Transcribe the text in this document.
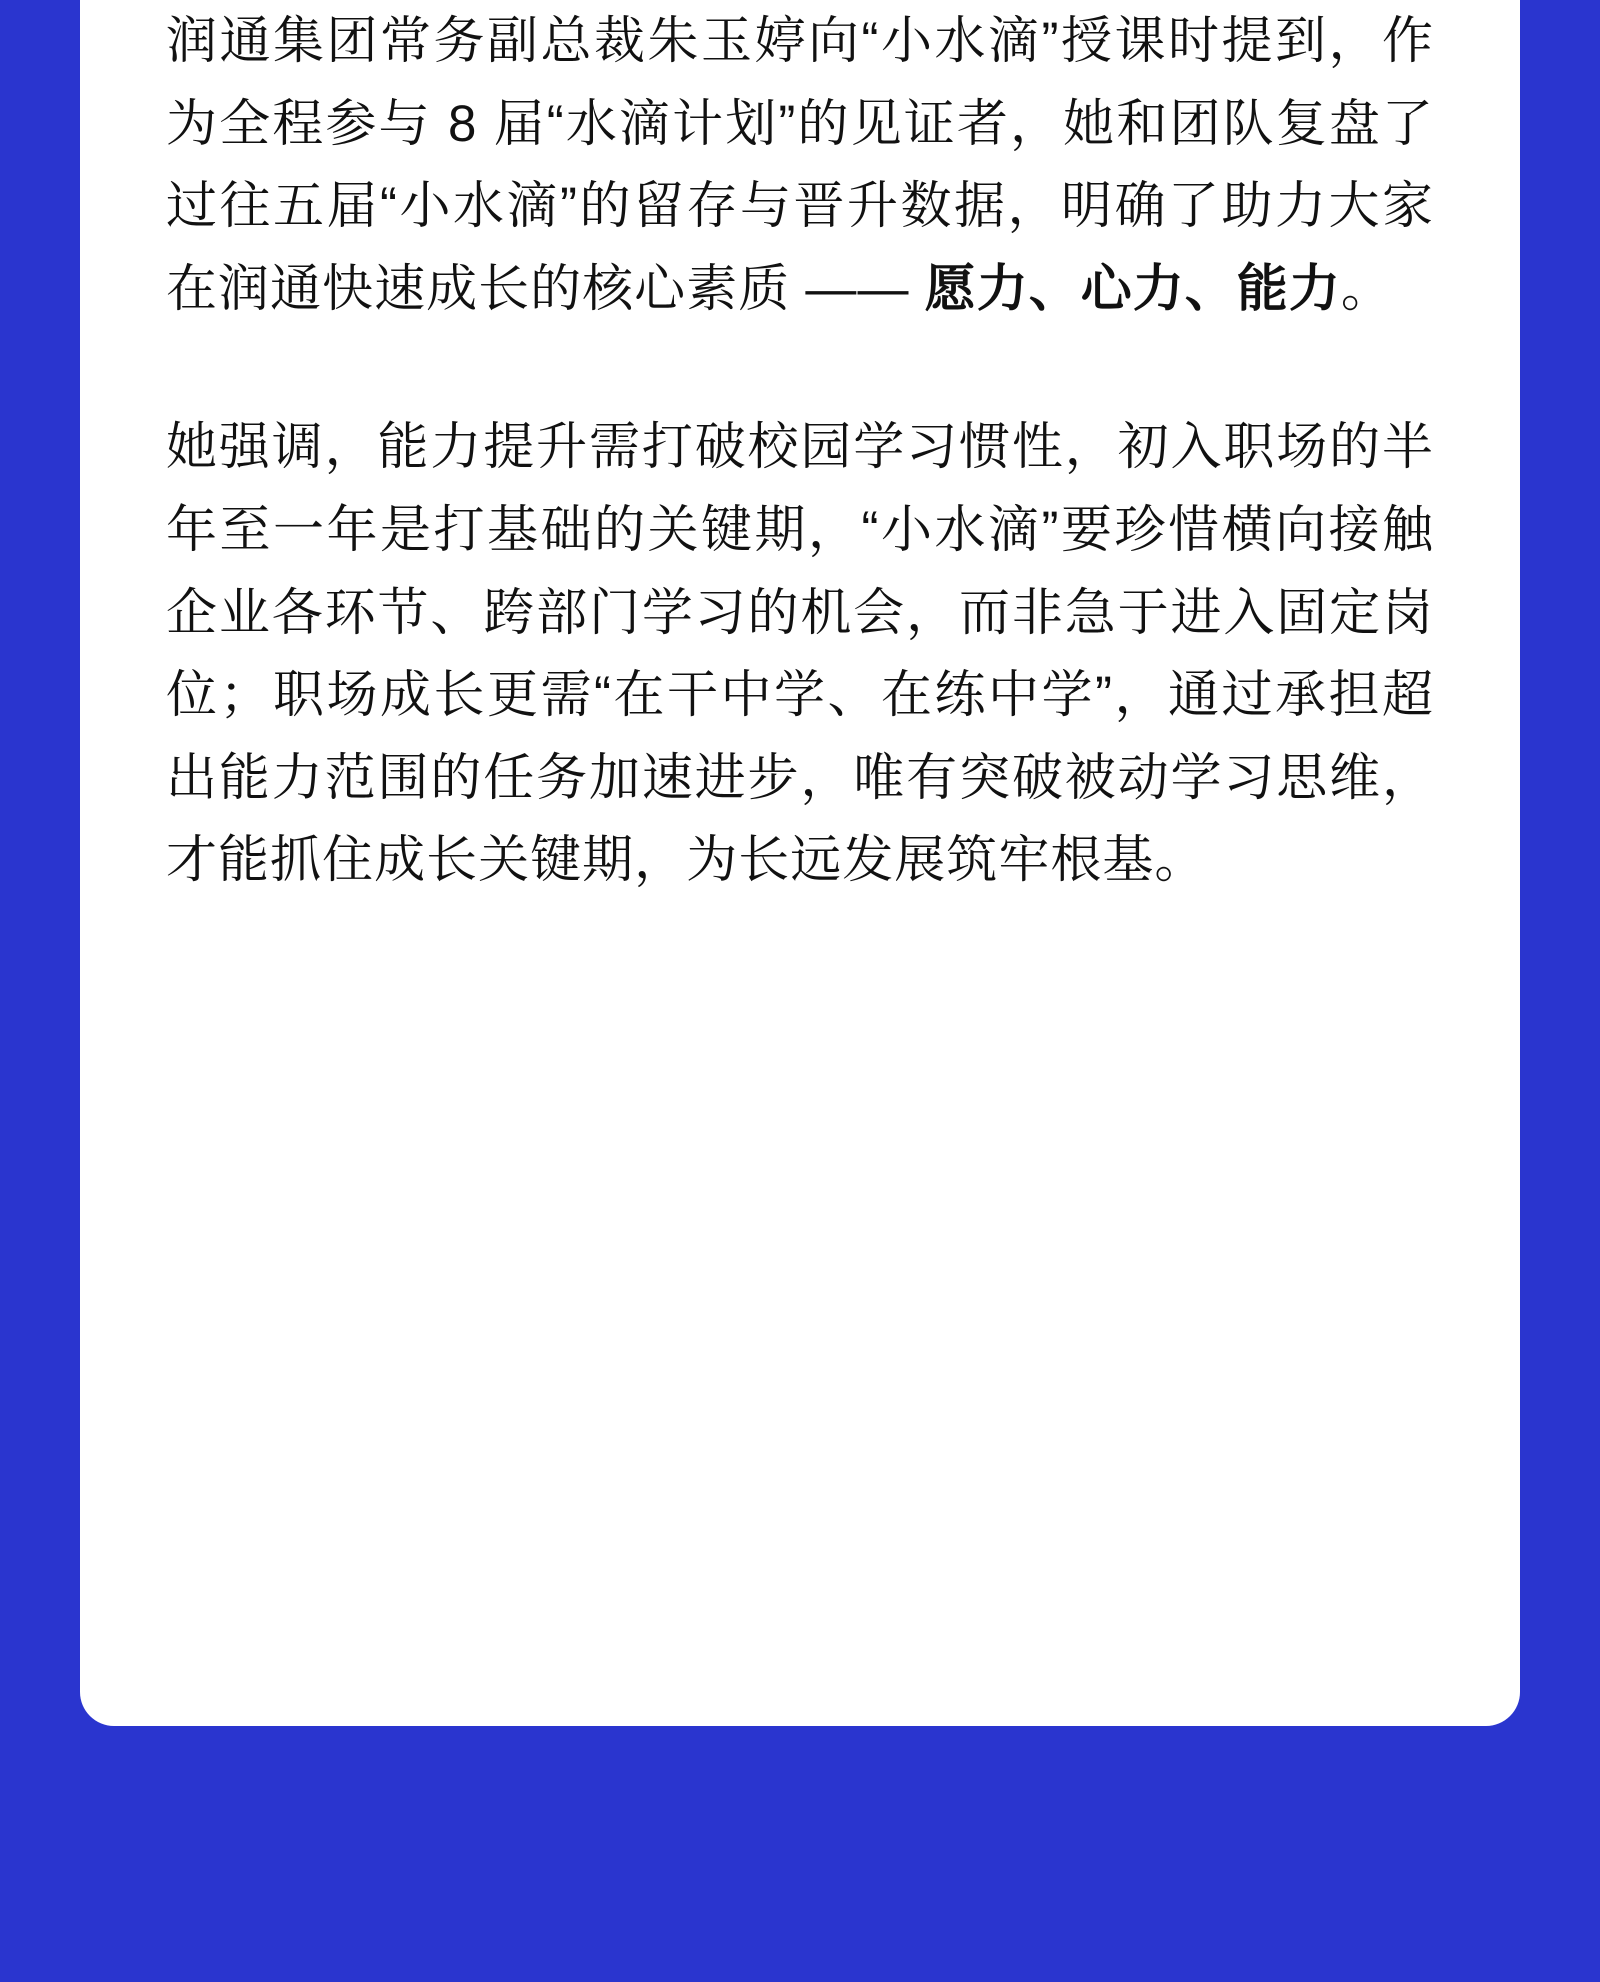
润通集团常务副总裁朱玉婷向“小水滴”授课时提到，作为全程参与 8 届“水滴计划”的见证者，她和团队复盘了过往五届“小水滴”的留存与晋升数据，明确了助力大家在润通快速成长的核心素质 —— 愿力、心力、能力。

她强调，能力提升需打破校园学习惯性，初入职场的半年至一年是打基础的关键期，“小水滴”要珍惜横向接触企业各环节、跨部门学习的机会，而非急于进入固定岗位；职场成长更需“在干中学、在练中学”，通过承担超出能力范围的任务加速进步，唯有突破被动学习思维，才能抓住成长关键期，为长远发展筑牢根基。
